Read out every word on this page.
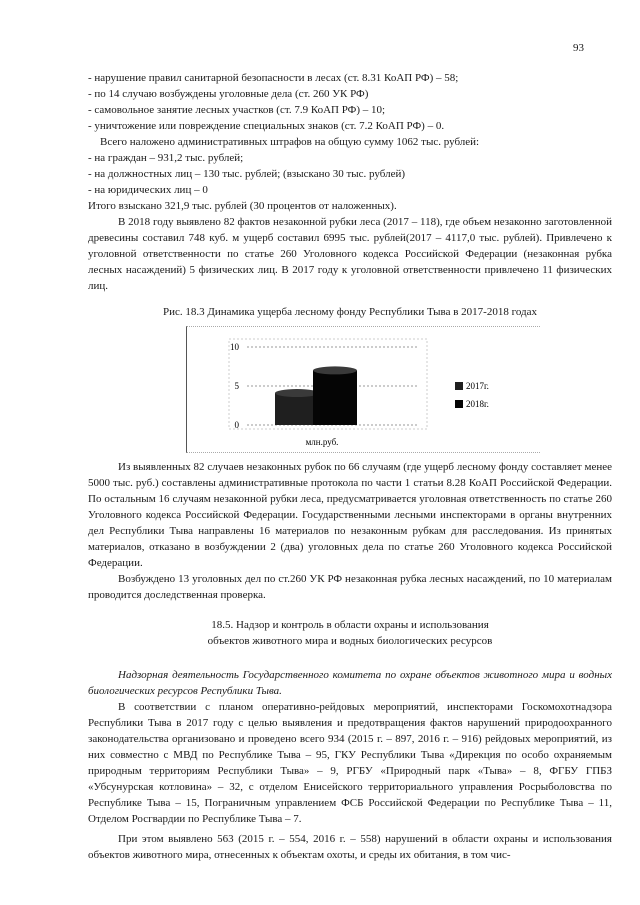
93
- нарушение правил санитарной безопасности в лесах (ст. 8.31 КоАП РФ) – 58;
- по 14 случаю возбуждены уголовные дела (ст. 260 УК РФ)
- самовольное занятие лесных участков (ст. 7.9 КоАП РФ) – 10;
- уничтожение или повреждение специальных знаков (ст. 7.2 КоАП РФ) – 0.
Всего наложено административных штрафов на общую сумму 1062 тыс. рублей:
- на граждан – 931,2 тыс. рублей;
- на должностных лиц – 130 тыс. рублей; (взыскано 30 тыс. рублей)
- на юридических лиц – 0
Итого взыскано 321,9 тыс. рублей (30 процентов от наложенных).

В 2018 году выявлено 82 фактов незаконной рубки леса (2017 – 118), где объем незаконно заготовленной древесины составил 748 куб. м ущерб составил 6995 тыс. рублей(2017 – 4117,0 тыс. рублей). Привлечено к уголовной ответственности по статье 260 Уголовного кодекса Российской Федерации (незаконная рубка лесных насаждений) 5 физических лиц. В 2017 году к уголовной ответственности привлечено 11 физических лиц.

Рис. 18.3 Динамика ущерба лесному фонду Республики Тыва в 2017-2018 годах
0
5
10
млн.руб.
2017г.
2018г.

Из выявленных 82 случаев незаконных рубок по 66 случаям (где ущерб лесному фонду составляет менее 5000 тыс. руб.) составлены административные протокола по части 1 статьи 8.28 КоАП Российской Федерации. По остальным 16 случаям незаконной рубки леса, предусматривается уголовная ответственность по статье 260 Уголовного кодекса Российской Федерации. Государственными лесными инспекторами в органы внутренних дел Республики Тыва направлены 16 материалов по незаконным рубкам для расследования. Из принятых материалов, отказано в возбуждении 2 (два) уголовных дела по статье 260 Уголовного кодекса Российской Федерации.

Возбуждено 13 уголовных дел по ст.260 УК РФ незаконная рубка лесных насаждений, по 10 материалам проводится доследственная проверка.

18.5. Надзор и контроль в области охраны и использования
объектов животного мира и водных биологических ресурсов

Надзорная деятельность Государственного комитета по охране объектов животного мира и водных биологических ресурсов Республики Тыва.

В соответствии с планом оперативно-рейдовых мероприятий, инспекторами Госкомохотнадзора Республики Тыва в 2017 году с целью выявления и предотвращения фактов нарушений природоохранного законодательства организовано и проведено всего 934 (2015 г. – 897, 2016 г. – 916) рейдовых мероприятий, из них совместно с МВД по Республике Тыва – 95, ГКУ Республики Тыва «Дирекция по особо охраняемым природным территориям Республики Тыва» – 9, РГБУ «Природный парк «Тыва» – 8, ФГБУ ГПБЗ «Убсунурская котловина» – 32, с отделом Енисейского территориального управления Росрыболовства по Республике Тыва – 15, Пограничным управлением ФСБ Российской Федерации по Республике Тыва – 11, Отделом Росгвардии по Республике Тыва – 7.

При этом выявлено 563 (2015 г. – 554, 2016 г. – 558) нарушений в области охраны и использования объектов животного мира, отнесенных к объектам охоты, и среды их обитания, в том чис-
